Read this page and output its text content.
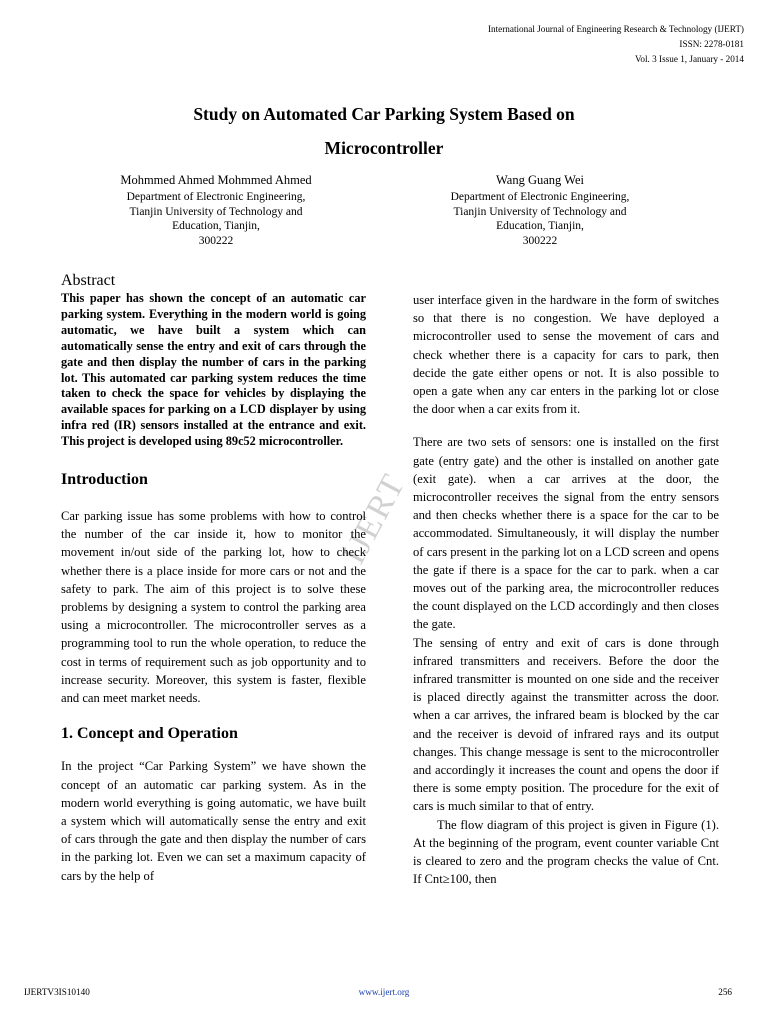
International Journal of Engineering Research & Technology (IJERT)
ISSN: 2278-0181
Vol. 3 Issue 1, January - 2014
Study on Automated Car Parking System Based on
Microcontroller
Mohmmed Ahmed Mohmmed Ahmed
Department of Electronic Engineering,
Tianjin University of Technology and
Education, Tianjin,
300222
Wang Guang Wei
Department of Electronic Engineering,
Tianjin University of Technology and
Education, Tianjin,
300222
Abstract

This paper has shown the concept of an automatic car parking system. Everything in the modern world is going automatic, we have built a system which can automatically sense the entry and exit of cars through the gate and then display the number of cars in the parking lot. This automated car parking system reduces the time taken to check the space for vehicles by displaying the available spaces for parking on a LCD displayer by using infra red (IR) sensors installed at the entrance and exit. This project is developed using 89c52 microcontroller.

Introduction

Car parking issue has some problems with how to control the number of the car inside it, how to monitor the movement in/out side of the parking lot, how to check whether there is a place inside for more cars or not and the safety to park. The aim of this project is to solve these problems by designing a system to control the parking area using a microcontroller. The microcontroller serves as a programming tool to run the whole operation, to reduce the cost in terms of requirement such as job opportunity and to increase security. Moreover, this system is faster, flexible and can meet market needs.

1. Concept and Operation

In the project “Car Parking System” we have shown the concept of an automatic car parking system. As in the modern world everything is going automatic, we have built a system which will automatically sense the entry and exit of cars through the gate and then display the number of cars in the parking lot. Even we can set a maximum capacity of cars by the help of

user interface given in the hardware in the form of switches so that there is no congestion. We have deployed a microcontroller used to sense the movement of cars and check whether there is a capacity for cars to park, then decide the gate either opens or not. It is also possible to open a gate when any car enters in the parking lot or close the door when a car exits from it.

There are two sets of sensors: one is installed on the first gate (entry gate) and the other is installed on another gate (exit gate). when a car arrives at the door, the microcontroller receives the signal from the entry sensors and then checks whether there is a space for the car to be accommodated. Simultaneously, it will display the number of cars present in the parking lot on a LCD screen and opens the gate if there is a space for the car to park. when a car moves out of the parking area, the microcontroller reduces the count displayed on the LCD accordingly and then closes the gate.

The sensing of entry and exit of cars is done through infrared transmitters and receivers. Before the door the infrared transmitter is mounted on one side and the receiver is placed directly against the transmitter across the door. when a car arrives, the infrared beam is blocked by the car and the receiver is devoid of infrared rays and its output changes. This change message is sent to the microcontroller and accordingly it increases the count and opens the door if there is some empty position. The procedure for the exit of cars is much similar to that of entry.

The flow diagram of this project is given in Figure (1). At the beginning of the program, event counter variable Cnt is cleared to zero and the program checks the value of Cnt. If Cnt≥100, then

IJERT
IJERTV3IS10140	www.ijert.org	256
